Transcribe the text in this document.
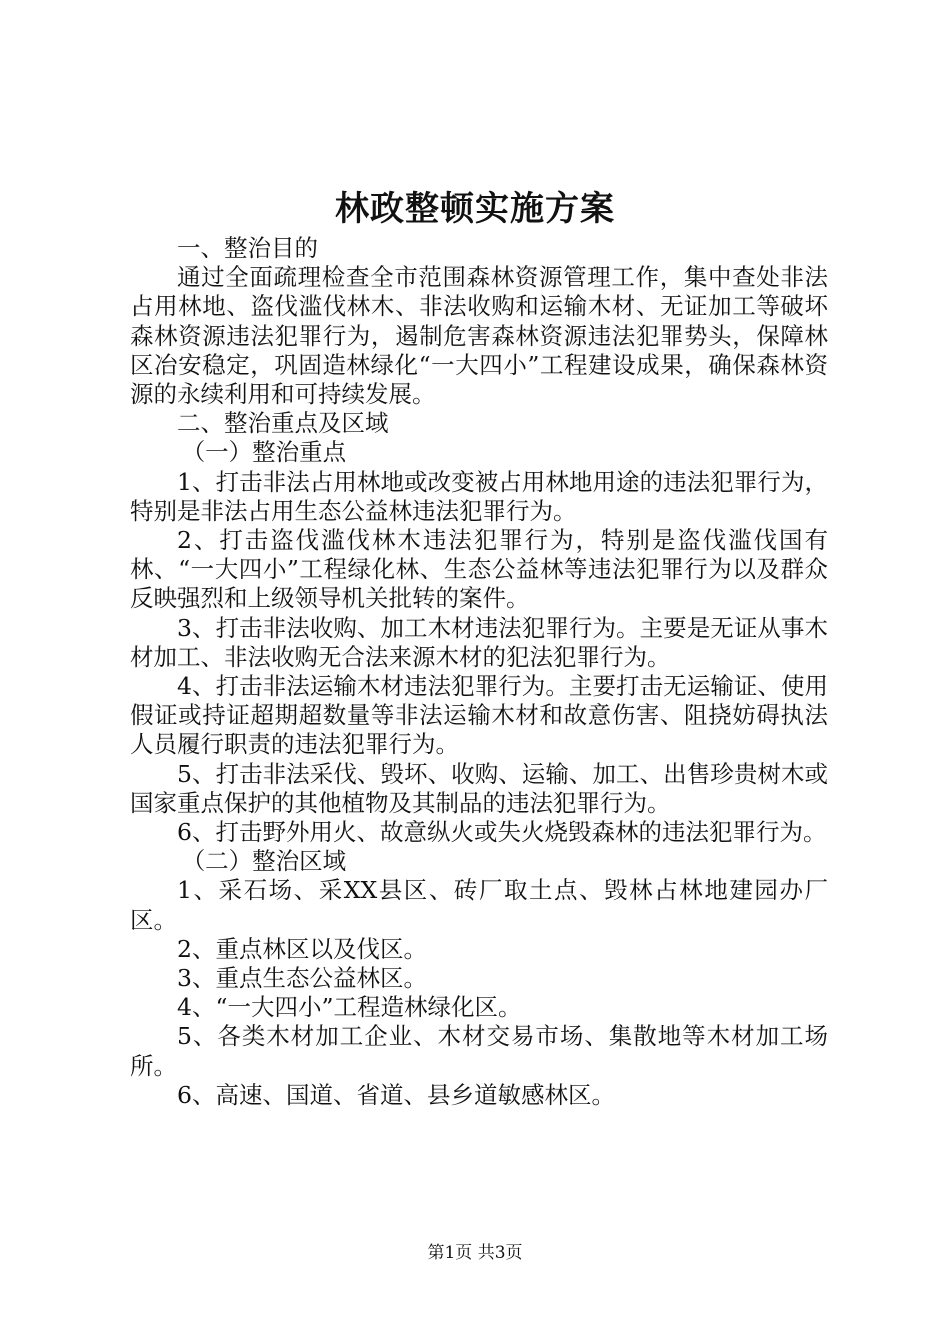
林政整顿实施方案

一、整治目的

通过全面疏理检查全市范围森林资源管理工作，集中查处非法占用林地、盗伐滥伐林木、非法收购和运输木材、无证加工等破坏森林资源违法犯罪行为，遏制危害森林资源违法犯罪势头，保障林区冶安稳定，巩固造林绿化“一大四小”工程建设成果，确保森林资源的永续利用和可持续发展。

二、整治重点及区域

（一）整治重点

1、打击非法占用林地或改变被占用林地用途的违法犯罪行为，特别是非法占用生态公益林违法犯罪行为。

2、打击盗伐滥伐林木违法犯罪行为，特别是盗伐滥伐国有林、“一大四小”工程绿化林、生态公益林等违法犯罪行为以及群众反映强烈和上级领导机关批转的案件。

3、打击非法收购、加工木材违法犯罪行为。主要是无证从事木材加工、非法收购无合法来源木材的犯法犯罪行为。

4、打击非法运输木材违法犯罪行为。主要打击无运输证、使用假证或持证超期超数量等非法运输木材和故意伤害、阻挠妨碍执法人员履行职责的违法犯罪行为。

5、打击非法采伐、毁坏、收购、运输、加工、出售珍贵树木或国家重点保护的其他植物及其制品的违法犯罪行为。

6、打击野外用火、故意纵火或失火烧毁森林的违法犯罪行为。

（二）整治区域

1、采石场、采XX县区、砖厂取土点、毁林占林地建园办厂区。

2、重点林区以及伐区。

3、重点生态公益林区。

4、“一大四小”工程造林绿化区。

5、各类木材加工企业、木材交易市场、集散地等木材加工场所。

6、高速、国道、省道、县乡道敏感林区。

第1页 共3页
